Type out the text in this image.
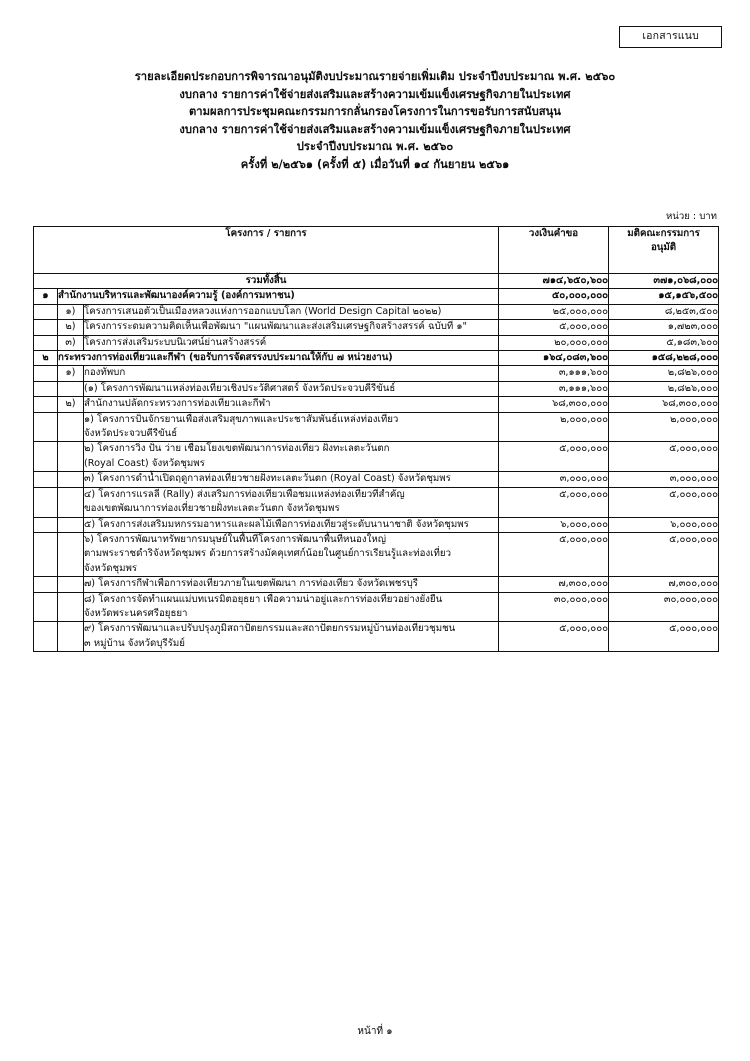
เอกสารแนบ
รายละเอียดประกอบการพิจารณาอนุมัติงบประมาณรายจ่ายเพิ่มเติม ประจำปีงบประมาณ พ.ศ. ๒๕๖๐
งบกลาง รายการค่าใช้จ่ายส่งเสริมและสร้างความเข้มแข็งเศรษฐกิจภายในประเทศ
ตามผลการประชุมคณะกรรมการกลั่นกรองโครงการในการขอรับการสนับสนุน
งบกลาง รายการค่าใช้จ่ายส่งเสริมและสร้างความเข้มแข็งเศรษฐกิจภายในประเทศ
ประจำปีงบประมาณ พ.ศ. ๒๕๖๐
ครั้งที่ ๒/๒๕๖๑ (ครั้งที่ ๕) เมื่อวันที่ ๑๔ กันยายน ๒๕๖๑
หน่วย : บาท
โครงการ / รายการ			วงเงินคำขอ	มติคณะกรรมการ
อนุมัติ
รวมทั้งสิ้น			๗๑๔,๖๕๐,๖๐๐	๓๗๑,๐๖๘,๐๐๐
๑	สำนักงานบริหารและพัฒนาองค์ความรู้ (องค์การมหาชน)		๕๐,๐๐๐,๐๐๐	๑๕,๑๕๖,๕๐๐
	๑)	โครงการเสนอตัวเป็นเมืองหลวงแห่งการออกแบบโลก (World Design Capital ๒๐๒๒)	๒๕,๐๐๐,๐๐๐	๘,๒๕๓,๕๐๐
	๒)	โครงการระดมความคิดเห็นเพื่อพัฒนา "แผนพัฒนาและส่งเสริมเศรษฐกิจสร้างสรรค์ ฉบับที่ ๑"	๕,๐๐๐,๐๐๐	๑,๗๒๓,๐๐๐
	๓)	โครงการส่งเสริมระบบนิเวศน์ย่านสร้างสรรค์	๒๐,๐๐๐,๐๐๐	๕,๑๘๓,๖๐๐
๒	กระทรวงการท่องเที่ยวและกีฬา (ขอรับการจัดสรรงบประมาณให้กับ ๗ หน่วยงาน)		๑๖๔,๐๘๓,๖๐๐	๑๕๘,๒๒๘,๐๐๐
	๑)	กองทัพบก	๓,๑๑๑,๖๐๐	๒,๘๒๖,๐๐๐
		(๑) โครงการพัฒนาแหล่งท่องเที่ยวเชิงประวัติศาสตร์ จังหวัดประจวบคีรีขันธ์	๓,๑๑๑,๖๐๐	๒,๘๒๖,๐๐๐
	๒)	สำนักงานปลัดกระทรวงการท่องเที่ยวและกีฬา	๖๘,๓๐๐,๐๐๐	๖๘,๓๐๐,๐๐๐
		๑) โครงการปั่นจักรยานเพื่อส่งเสริมสุขภาพและประชาสัมพันธ์แหล่งท่องเที่ยว
จังหวัดประจวบคีรีขันธ์	๒,๐๐๐,๐๐๐	๒,๐๐๐,๐๐๐
		๒) โครงการวิ่ง ปั่น ว่าย เชื่อมโยงเขตพัฒนาการท่องเที่ยว ฝั่งทะเลตะวันตก
(Royal Coast) จังหวัดชุมพร	๕,๐๐๐,๐๐๐	๕,๐๐๐,๐๐๐
		๓) โครงการดำน้ำเปิดฤดูกาลท่องเที่ยวชายฝั่งทะเลตะวันตก (Royal Coast) จังหวัดชุมพร	๓,๐๐๐,๐๐๐	๓,๐๐๐,๐๐๐
		๔) โครงการแรลลี่ (Rally) ส่งเสริมการท่องเที่ยวเพื่อชมแหล่งท่องเที่ยวที่สำคัญ
ของเขตพัฒนาการท่องเที่ยวชายฝั่งทะเลตะวันตก จังหวัดชุมพร	๕,๐๐๐,๐๐๐	๕,๐๐๐,๐๐๐
		๕) โครงการส่งเสริมมหกรรมอาหารและผลไม้เพื่อการท่องเที่ยวสู่ระดับนานาชาติ จังหวัดชุมพร	๖,๐๐๐,๐๐๐	๖,๐๐๐,๐๐๐
		๖) โครงการพัฒนาทรัพยากรมนุษย์ในพื้นที่โครงการพัฒนาพื้นที่หนองใหญ่
ตามพระราชดำริจังหวัดชุมพร ด้วยการสร้างมัคคุเทศก์น้อยในศูนย์การเรียนรู้และท่องเที่ยว
จังหวัดชุมพร	๕,๐๐๐,๐๐๐	๕,๐๐๐,๐๐๐
		๗) โครงการกีฬาเพื่อการท่องเที่ยวภายในเขตพัฒนา การท่องเที่ยว จังหวัดเพชรบุรี	๗,๓๐๐,๐๐๐	๗,๓๐๐,๐๐๐
		๘) โครงการจัดทำแผนแม่บทเนรมิตอยุธยา เพื่อความน่าอยู่และการท่องเที่ยวอย่างยั่งยืน
จังหวัดพระนครศรีอยุธยา	๓๐,๐๐๐,๐๐๐	๓๐,๐๐๐,๐๐๐
		๙) โครงการพัฒนาและปรับปรุงภูมิสถาปัตยกรรมและสถาปัตยกรรมหมู่บ้านท่องเที่ยวชุมชน
๓ หมู่บ้าน จังหวัดบุรีรัมย์	๕,๐๐๐,๐๐๐	๕,๐๐๐,๐๐๐
หน้าที่ ๑
